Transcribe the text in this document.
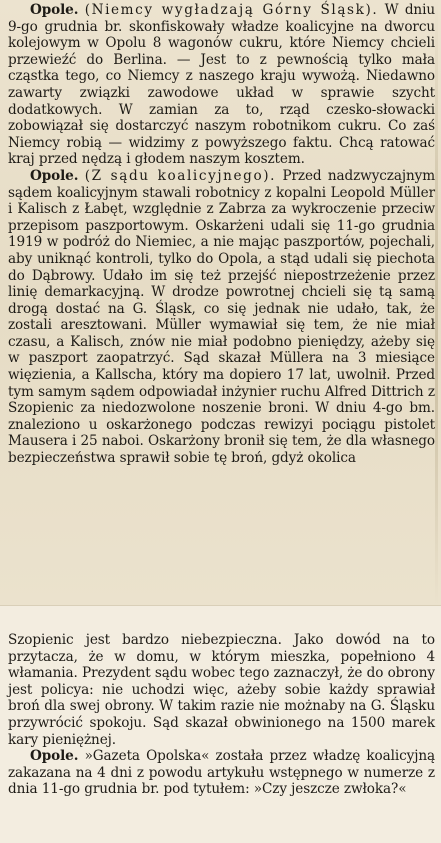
Opole. (Niemcy wygładzają Górny Śląsk). W dniu 9-go grudnia br. skonfiskowały władze koalicyjne na dworcu kolejowym w Opolu 8 wagonów cukru, które Niemcy chcieli przewieźć do Berlina. — Jest to z pewnością tylko mała cząstka tego, co Niemcy z naszego kraju wywożą. Niedawno zawarty związki zawodowe układ w sprawie szycht dodatkowych. W zamian za to, rząd czesko-słowacki zobowiązał się dostarczyć naszym robotnikom cukru. Co zaś Niemcy robią — widzimy z powyższego faktu. Chcą ratować kraj przed nędzą i głodem naszym kosztem.

Opole. (Z sądu koalicyjnego). Przed nadzwyczajnym sądem koalicyjnym stawali robotnicy z kopalni Leopold Müller i Kalisch z Łabęt, względnie z Zabrza za wykroczenie przeciw przepisom paszportowym. Oskarżeni udali się 11-go grudnia 1919 w podróż do Niemiec, a nie mając paszportów, pojechali, aby uniknąć kontroli, tylko do Opola, a stąd udali się piechota do Dąbrowy. Udało im się też przejść niepostrzeżenie przez linię demarkacyjną. W drodze powrotnej chcieli się tą samą drogą dostać na G. Śląsk, co się jednak nie udało, tak, że zostali aresztowani. Müller wymawiał się tem, że nie miał czasu, a Kalisch, znów nie miał podobno pieniędzy, ażeby się w paszport zaopatrzyć. Sąd skazał Müllera na 3 miesiące więzienia, a Kallscha, który ma dopiero 17 lat, uwolnił. Przed tym samym sądem odpowiadał inżynier ruchu Alfred Dittrich z Szopienic za niedozwolone noszenie broni. W dniu 4-go bm. znaleziono u oskarżonego podczas rewizyi pociągu pistolet Mausera i 25 naboi. Oskarżony bronił się tem, że dla własnego bezpieczeństwa sprawił sobie tę broń, gdyż okolica

Szopienic jest bardzo niebezpieczna. Jako dowód na to przytacza, że w domu, w którym mieszka, popełniono 4 włamania. Prezydent sądu wobec tego zaznaczył, że do obrony jest policya: nie uchodzi więc, ażeby sobie każdy sprawiał broń dla swej obrony. W takim razie nie możnaby na G. Śląsku przywrócić spokoju. Sąd skazał obwinionego na 1500 marek kary pieniężnej.

Opole. »Gazeta Opolska« została przez władzę koalicyjną zakazana na 4 dni z powodu artykułu wstępnego w numerze z dnia 11-go grudnia br. pod tytułem: »Czy jeszcze zwłoka?«
